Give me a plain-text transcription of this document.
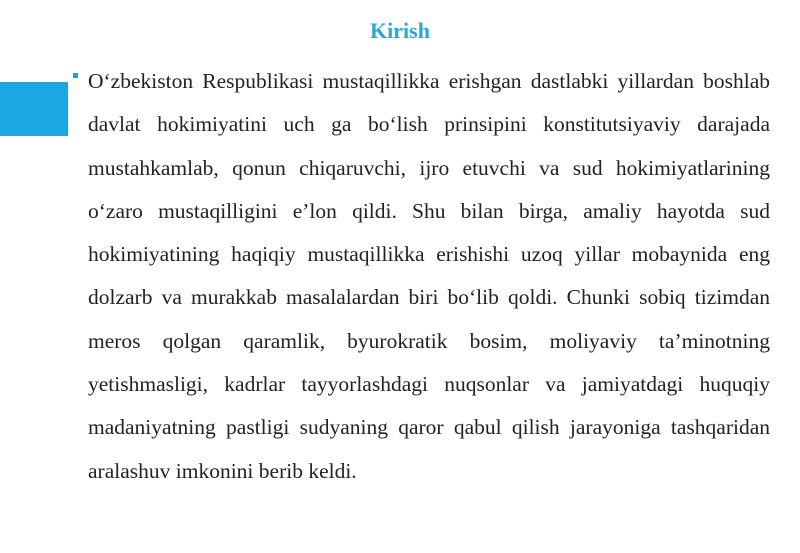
Kirish

O‘zbekiston Respublikasi mustaqillikka erishgan dastlabki yillardan boshlab davlat hokimiyatini uch ga bo‘lish prinsipini konstitutsiyaviy darajada mustahkamlab, qonun chiqaruvchi, ijro etuvchi va sud hokimiyatlarining o‘zaro mustaqilligini e’lon qildi. Shu bilan birga, amaliy hayotda sud hokimiyatining haqiqiy mustaqillikka erishishi uzoq yillar mobaynida eng dolzarb va murakkab masalalardan biri bo‘lib qoldi. Chunki sobiq tizimdan meros qolgan qaramlik, byurokratik bosim, moliyaviy ta’minotning yetishmasligi, kadrlar tayyorlashdagi nuqsonlar va jamiyatdagi huquqiy madaniyatning pastligi sudyaning qaror qabul qilish jarayoniga tashqaridan aralashuv imkonini berib keldi.
